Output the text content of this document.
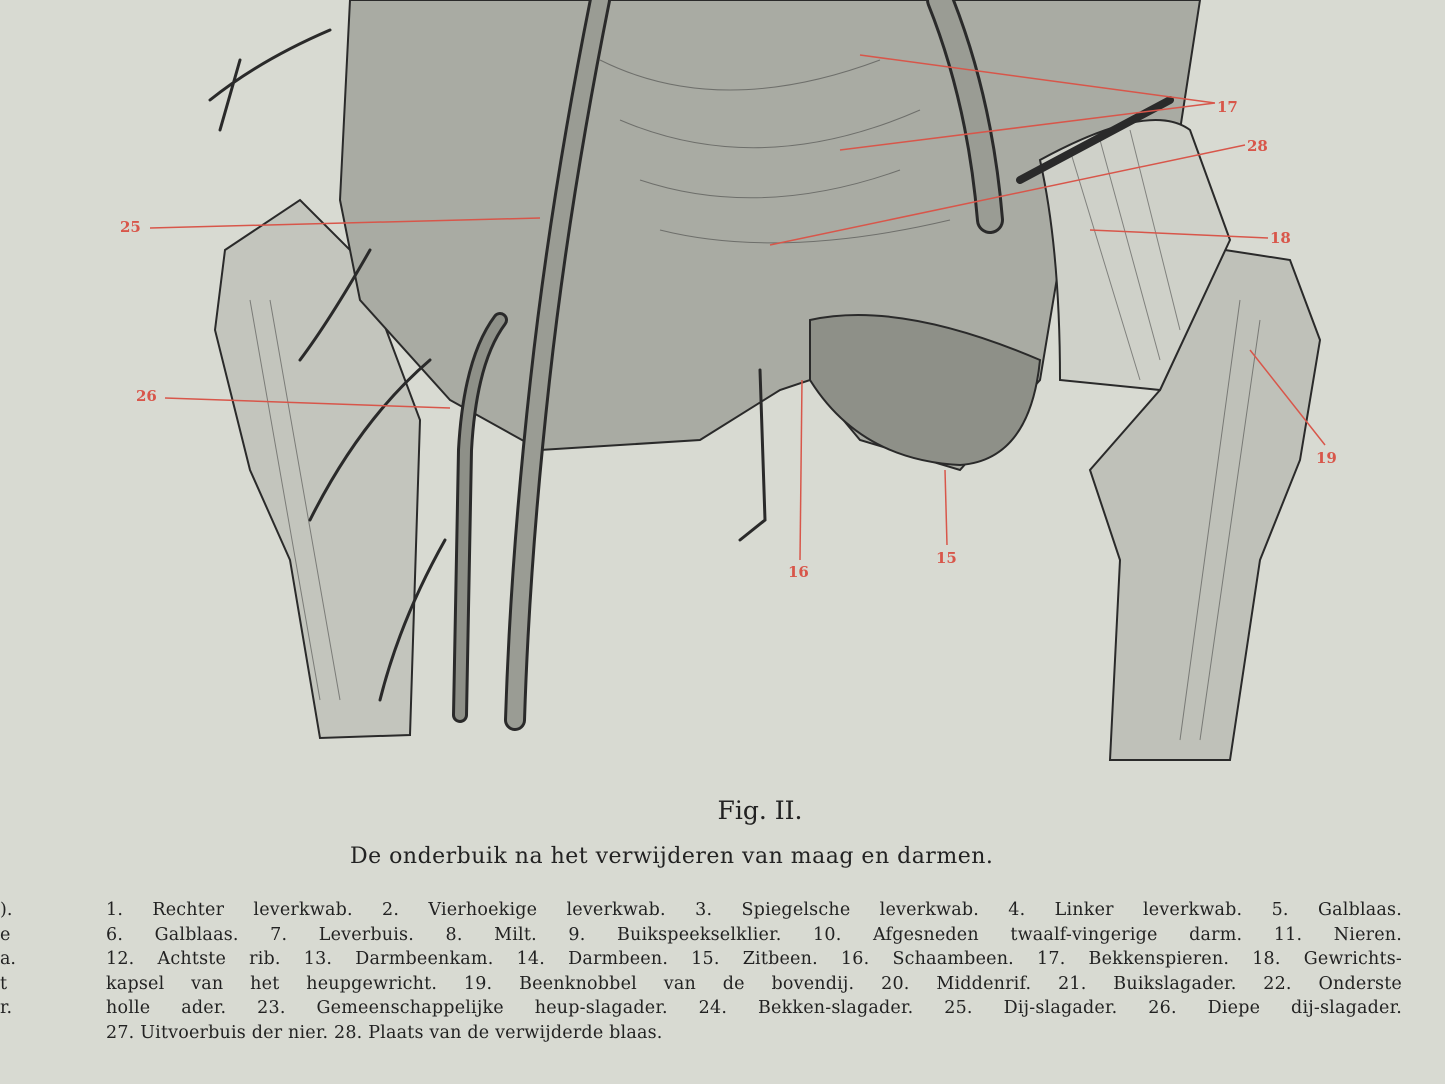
17
28
25
18
26
19
16
15
Fig. II.
De onderbuik na het verwijderen van maag en darmen.
).
e
a.
t
r.
1. Rechter leverkwab. 2. Vierhoekige leverkwab. 3. Spiegelsche leverkwab. 4. Linker leverkwab. 5. Galblaas.
6. Galblaas. 7. Leverbuis. 8. Milt. 9. Buikspeekselklier. 10. Afgesneden twaalf-vingerige darm. 11. Nieren.
12. Achtste rib. 13. Darmbeenkam. 14. Darmbeen. 15. Zitbeen. 16. Schaambeen. 17. Bekkenspieren. 18. Gewrichts-
kapsel van het heupgewricht. 19. Beenknobbel van de bovendij. 20. Middenrif. 21. Buikslagader. 22. Onderste
holle ader. 23. Gemeenschappelijke heup-slagader. 24. Bekken-slagader. 25. Dij-slagader. 26. Diepe dij-slagader.
27. Uitvoerbuis der nier. 28. Plaats van de verwijderde blaas.
